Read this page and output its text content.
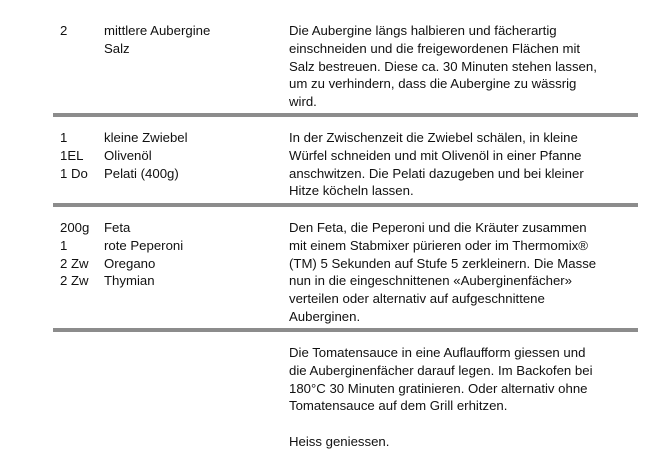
2	mittlere Aubergine
Salz
Die Aubergine längs halbieren und fächerartig
einschneiden und die freigewordenen Flächen mit
Salz bestreuen. Diese ca. 30 Minuten stehen lassen,
um zu verhindern, dass die Aubergine zu wässrig
wird.
1
1EL
1 Do
kleine Zwiebel
Olivenöl
Pelati (400g)
In der Zwischenzeit die Zwiebel schälen, in kleine
Würfel schneiden und mit Olivenöl in einer Pfanne
anschwitzen. Die Pelati dazugeben und bei kleiner
Hitze köcheln lassen.
200g
1
2 Zw
2 Zw
Feta
rote Peperoni
Oregano
Thymian
Den Feta, die Peperoni und die Kräuter zusammen
mit einem Stabmixer pürieren oder im Thermomix®
(TM) 5 Sekunden auf Stufe 5 zerkleinern. Die Masse
nun in die eingeschnittenen «Auberginenfächer»
verteilen oder alternativ auf aufgeschnittene
Auberginen.
Die Tomatensauce in eine Auflaufform giessen und
die Auberginenfächer darauf legen. Im Backofen bei
180°C 30 Minuten gratinieren. Oder alternativ ohne
Tomatensauce auf dem Grill erhitzen.
Heiss geniessen.
